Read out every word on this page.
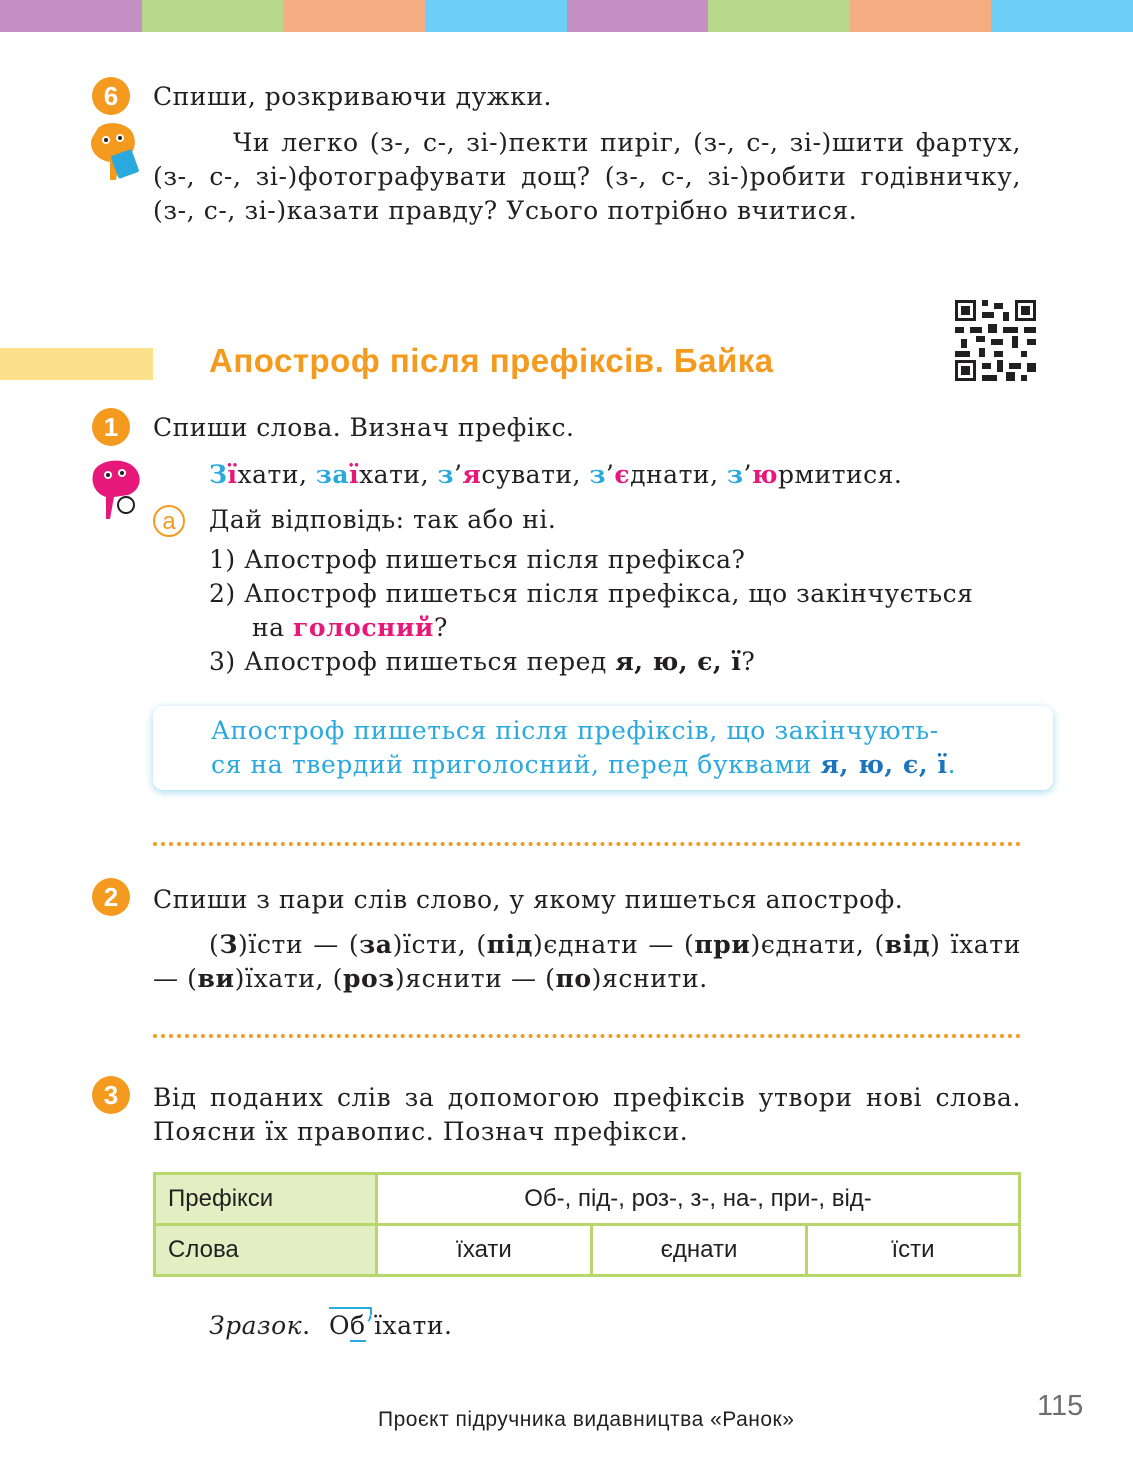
6	Спиши, розкриваючи дужки.
Чи легко (з-, с-, зі-)пекти пиріг, (з-, с-, зі-)шити фартух, (з-, с-, зі-)фотографувати дощ? (з-, с-, зі-)робити годівничку, (з-, с-, зі-)казати правду? Усього потрібно вчитися.
Апостроф після префіксів. Байка
1	Спиши слова. Визнач префікс.
Зїхати, заїхати, з’ясувати, з’єднати, з’юрмитися.
а	Дай відповідь: так або ні.
1) Апостроф пишеться після префікса?
2) Апостроф пишеться після префікса, що закінчується
на голосний?
3) Апостроф пишеться перед я, ю, є, ї?
Апостроф пишеться після префіксів, що закінчують-
ся на твердий приголосний, перед буквами я, ю, є, ї.
2	Спиши з пари слів слово, у якому пишеться апостроф.
(З)їсти — (за)їсти, (під)єднати — (при)єднати, (від) їхати — (ви)їхати, (роз)яснити — (по)яснити.
3	Від поданих слів за допомогою префіксів утвори нові слова. Поясни їх правопис. Познач префікси.
Префікси	Об-, під-, роз-, з-, на-, при-, від-		
Слова	їхати	єднати	їсти
Зразок. Об’їхати.
Проєкт підручника видавництва «Ранок»	115
